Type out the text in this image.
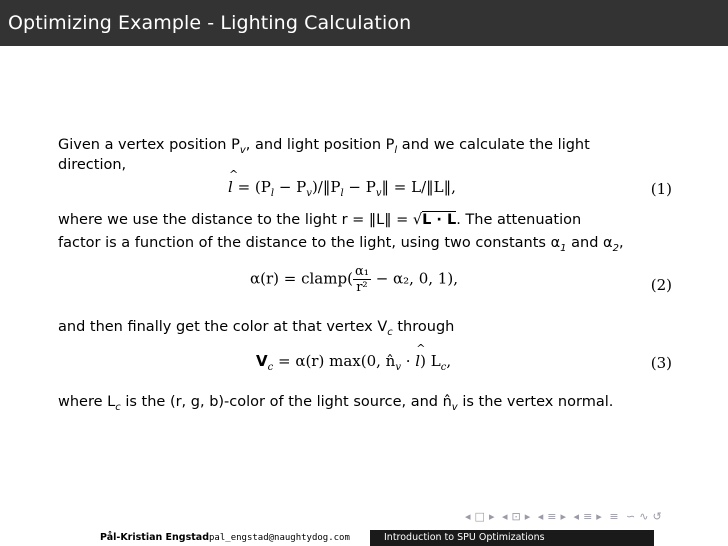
Optimizing Example - Lighting Calculation
Given a vertex position $P_v$, and light position $P_l$ and we calculate the light
direction,
^ $l = (P_l$ − $P_v)/‖P_l$ − $P_v‖$ = L/‖L‖,	(1)
where we use the distance to the light r = ‖L‖ = √L · L. The attenuation
factor is a function of the distance to the light, using two constants $\alpha_1$ and $\alpha_2$,
α(r) = clamp( $\frac{\text{α₁}}{\text{r²}} - \alpha_2$, 0, 1),	(2)
and then finally get the color at that vertex $V_c$ through
$V_c = \alpha(r)$ max(0, $n̂_v$ · ^ l) $L_c$,	(3)
where $L_c$ is the (r, g, b)-color of the light source, and $n̂_v$ is the vertex normal.
◂ □ ▸ ◂ ⊡ ▸ ◂ ≡ ▸ ◂ ≡ ▸ ≡ ∽ ∿ ↺
Pål-Kristian Engstadpal_engstad@naughtydog.com	Introduction to SPU Optimizations
